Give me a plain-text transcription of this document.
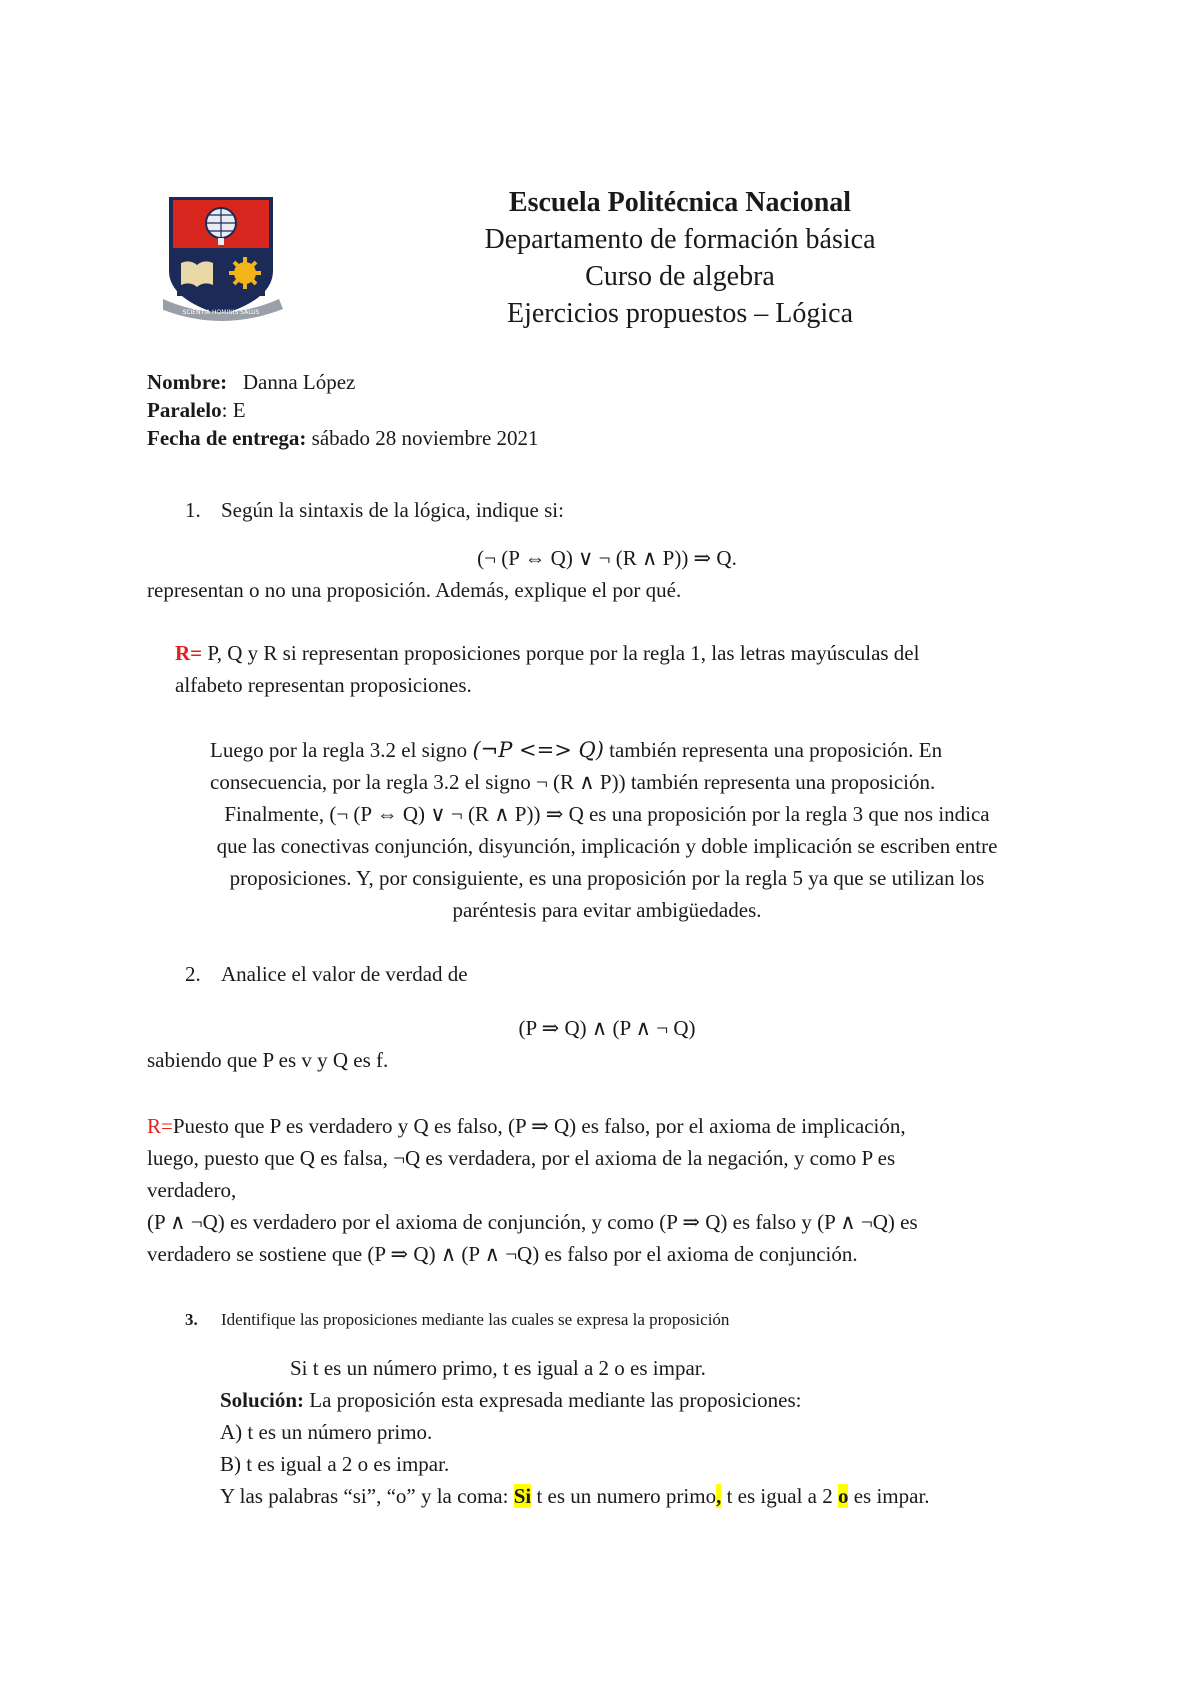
Escuela Politécnica Nacional
Departamento de formación básica
Curso de algebra
Ejercicios propuestos – Lógica
SCIENTIA HOMINIS SALUS
Nombre: Danna López
Paralelo: E
Fecha de entrega: sábado 28 noviembre 2021
1. Según la sintaxis de la lógica, indique si:
(¬ (P ⇔ Q) ∨ ¬ (R ∧ P)) ⇒ Q.
representan o no una proposición. Además, explique el por qué.
R= P, Q y R si representan proposiciones porque por la regla 1, las letras mayúsculas del
alfabeto representan proposiciones.
Luego por la regla 3.2 el signo (¬P <=> Q) también representa una proposición. En
consecuencia, por la regla 3.2 el signo ¬ (R ∧ P)) también representa una proposición.
Finalmente, (¬ (P ⇔ Q) ∨ ¬ (R ∧ P)) ⇒ Q es una proposición por la regla 3 que nos indica
que las conectivas conjunción, disyunción, implicación y doble implicación se escriben entre
proposiciones. Y, por consiguiente, es una proposición por la regla 5 ya que se utilizan los
paréntesis para evitar ambigüedades.
2. Analice el valor de verdad de
(P ⇒ Q) ∧ (P ∧ ¬ Q)
sabiendo que P es v y Q es f.
R=Puesto que P es verdadero y Q es falso, (P ⇒ Q) es falso, por el axioma de implicación,
luego, puesto que Q es falsa, ¬Q es verdadera, por el axioma de la negación, y como P es
verdadero,
(P ∧ ¬Q) es verdadero por el axioma de conjunción, y como (P ⇒ Q) es falso y (P ∧ ¬Q) es
verdadero se sostiene que (P ⇒ Q) ∧ (P ∧ ¬Q) es falso por el axioma de conjunción.
3. Identifique las proposiciones mediante las cuales se expresa la proposición
Si t es un número primo, t es igual a 2 o es impar.
Solución: La proposición esta expresada mediante las proposiciones:
A) t es un número primo.
B) t es igual a 2 o es impar.
Y las palabras “si”, “o” y la coma: Si t es un numero primo, t es igual a 2 o es impar.
